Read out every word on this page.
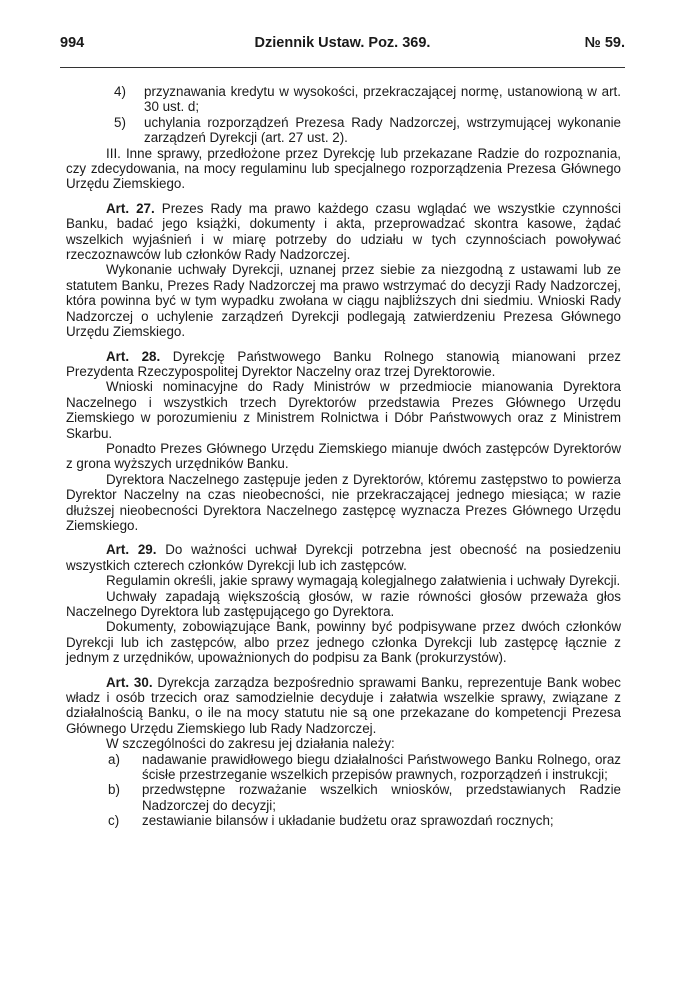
994	Dziennik Ustaw. Poz. 369.	№ 59.
4) przyznawania kredytu w wysokości, przekraczającej normę, ustanowioną w art. 30 ust. d;
5) uchylania rozporządzeń Prezesa Rady Nadzorczej, wstrzymującej wykonanie zarządzeń Dyrekcji (art. 27 ust. 2).

III. Inne sprawy, przedłożone przez Dyrekcję lub przekazane Radzie do rozpoznania, czy zdecydowania, na mocy regulaminu lub specjalnego rozporządzenia Prezesa Głównego Urzędu Ziemskiego.

Art. 27. Prezes Rady ma prawo każdego czasu wglądać we wszystkie czynności Banku, badać jego książki, dokumenty i akta, przeprowadzać skontra kasowe, żądać wszelkich wyjaśnień i w miarę potrzeby do udziału w tych czynnościach powoływać rzeczoznawców lub członków Rady Nadzorczej.

Wykonanie uchwały Dyrekcji, uznanej przez siebie za niezgodną z ustawami lub ze statutem Banku, Prezes Rady Nadzorczej ma prawo wstrzymać do decyzji Rady Nadzorczej, która powinna być w tym wypadku zwołana w ciągu najbliższych dni siedmiu. Wnioski Rady Nadzorczej o uchylenie zarządzeń Dyrekcji podlegają zatwierdzeniu Prezesa Głównego Urzędu Ziemskiego.

Art. 28. Dyrekcję Państwowego Banku Rolnego stanowią mianowani przez Prezydenta Rzeczypospolitej Dyrektor Naczelny oraz trzej Dyrektorowie.

Wnioski nominacyjne do Rady Ministrów w przedmiocie mianowania Dyrektora Naczelnego i wszystkich trzech Dyrektorów przedstawia Prezes Głównego Urzędu Ziemskiego w porozumieniu z Ministrem Rolnictwa i Dóbr Państwowych oraz z Ministrem Skarbu.

Ponadto Prezes Głównego Urzędu Ziemskiego mianuje dwóch zastępców Dyrektorów z grona wyższych urzędników Banku.

Dyrektora Naczelnego zastępuje jeden z Dyrektorów, któremu zastępstwo to powierza Dyrektor Naczelny na czas nieobecności, nie przekraczającej jednego miesiąca; w razie dłuższej nieobecności Dyrektora Naczelnego zastępcę wyznacza Prezes Głównego Urzędu Ziemskiego.

Art. 29. Do ważności uchwał Dyrekcji potrzebna jest obecność na posiedzeniu wszystkich czterech członków Dyrekcji lub ich zastępców.

Regulamin określi, jakie sprawy wymagają kolegjalnego załatwienia i uchwały Dyrekcji.

Uchwały zapadają większością głosów, w razie równości głosów przeważa głos Naczelnego Dyrektora lub zastępującego go Dyrektora.

Dokumenty, zobowiązujące Bank, powinny być podpisywane przez dwóch członków Dyrekcji lub ich zastępców, albo przez jednego członka Dyrekcji lub zastępcę łącznie z jednym z urzędników, upoważnionych do podpisu za Bank (prokurzystów).

Art. 30. Dyrekcja zarządza bezpośrednio sprawami Banku, reprezentuje Bank wobec władz i osób trzecich oraz samodzielnie decyduje i załatwia wszelkie sprawy, związane z działalnością Banku, o ile na mocy statutu nie są one przekazane do kompetencji Prezesa Głównego Urzędu Ziemskiego lub Rady Nadzorczej.

W szczególności do zakresu jej działania należy:

a) nadawanie prawidłowego biegu działalności Państwowego Banku Rolnego, oraz ścisłe przestrzeganie wszelkich przepisów prawnych, rozporządzeń i instrukcji;
b) przedwstępne rozważanie wszelkich wniosków, przedstawianych Radzie Nadzorczej do decyzji;
c) zestawianie bilansów i układanie budżetu oraz sprawozdań rocznych;
